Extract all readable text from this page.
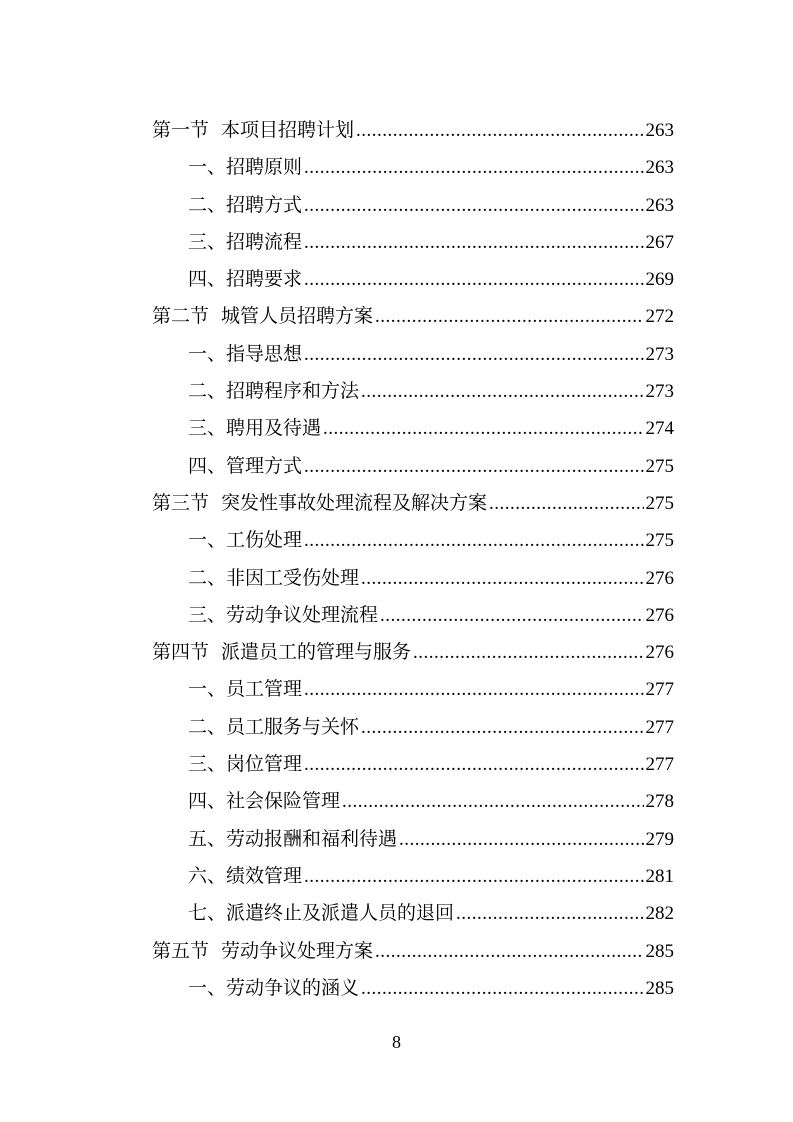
第一节 本项目招聘计划 .....	263
一、招聘原则 .....	263
二、招聘方式 .....	263
三、招聘流程 .....	267
四、招聘要求 .....	269
第二节 城管人员招聘方案 .....	272
一、指导思想 .....	273
二、招聘程序和方法 .....	273
三、聘用及待遇 .....	274
四、管理方式 .....	275
第三节 突发性事故处理流程及解决方案 .....	275
一、工伤处理 .....	275
二、非因工受伤处理 .....	276
三、劳动争议处理流程 .....	276
第四节 派遣员工的管理与服务 .....	276
一、员工管理 .....	277
二、员工服务与关怀 .....	277
三、岗位管理 .....	277
四、社会保险管理 .....	278
五、劳动报酬和福利待遇 .....	279
六、绩效管理 .....	281
七、派遣终止及派遣人员的退回 .....	282
第五节 劳动争议处理方案 .....	285
一、劳动争议的涵义 .....	285
8
